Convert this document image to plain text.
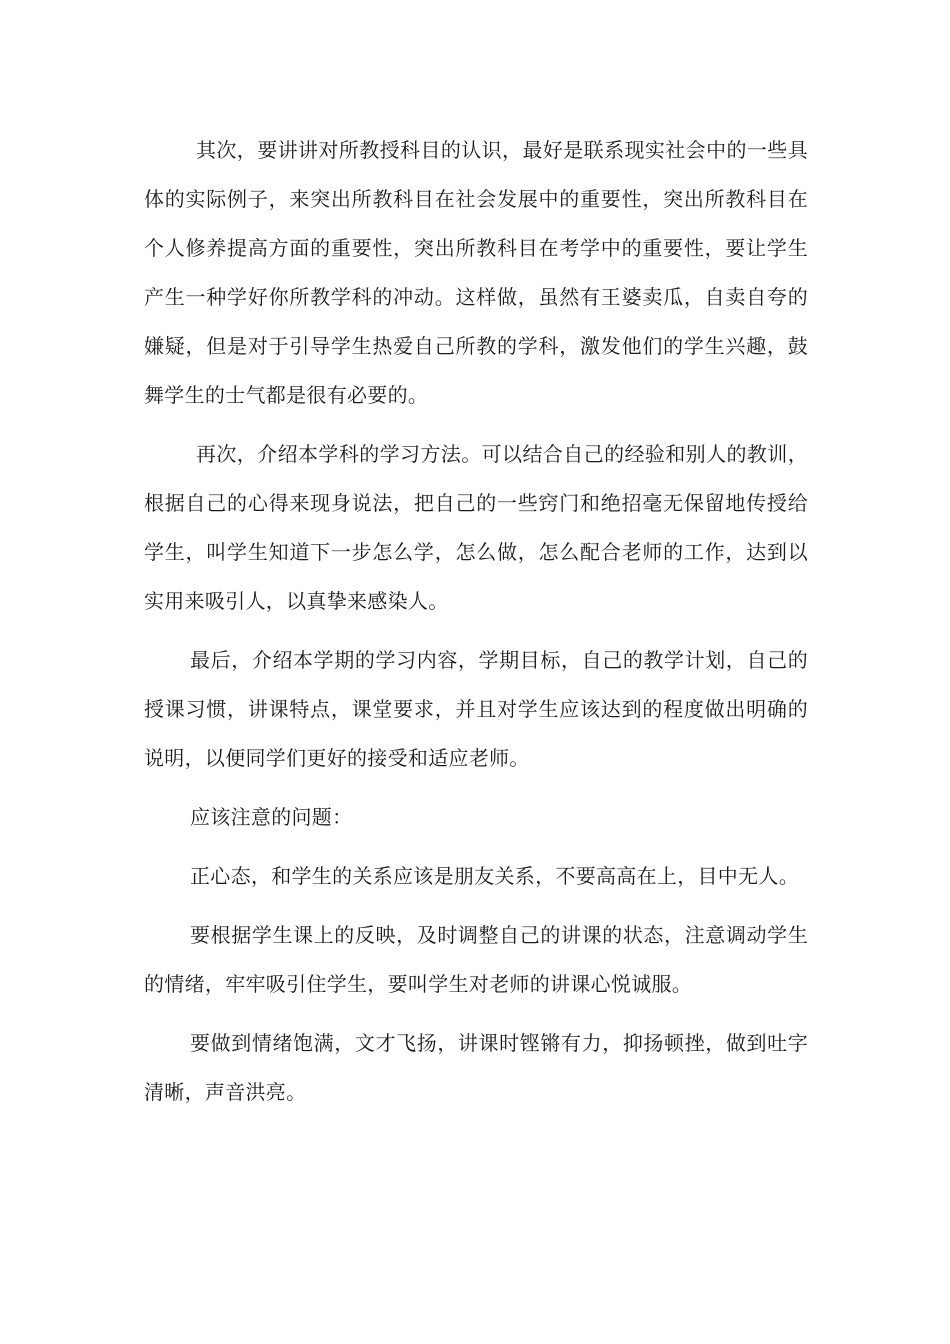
其次，要讲讲对所教授科目的认识，最好是联系现实社会中的一些具体的实际例子，来突出所教科目在社会发展中的重要性，突出所教科目在个人修养提高方面的重要性，突出所教科目在考学中的重要性，要让学生产生一种学好你所教学科的冲动。这样做，虽然有王婆卖瓜，自卖自夸的嫌疑，但是对于引导学生热爱自己所教的学科，激发他们的学生兴趣，鼓舞学生的士气都是很有必要的。

再次，介绍本学科的学习方法。可以结合自己的经验和别人的教训，根据自己的心得来现身说法，把自己的一些窍门和绝招毫无保留地传授给学生，叫学生知道下一步怎么学，怎么做，怎么配合老师的工作，达到以实用来吸引人，以真挚来感染人。

最后，介绍本学期的学习内容，学期目标，自己的教学计划，自己的授课习惯，讲课特点，课堂要求，并且对学生应该达到的程度做出明确的说明，以便同学们更好的接受和适应老师。

应该注意的问题：

正心态，和学生的关系应该是朋友关系，不要高高在上，目中无人。

要根据学生课上的反映，及时调整自己的讲课的状态，注意调动学生的情绪，牢牢吸引住学生，要叫学生对老师的讲课心悦诚服。

要做到情绪饱满，文才飞扬，讲课时铿锵有力，抑扬顿挫，做到吐字清晰，声音洪亮。
